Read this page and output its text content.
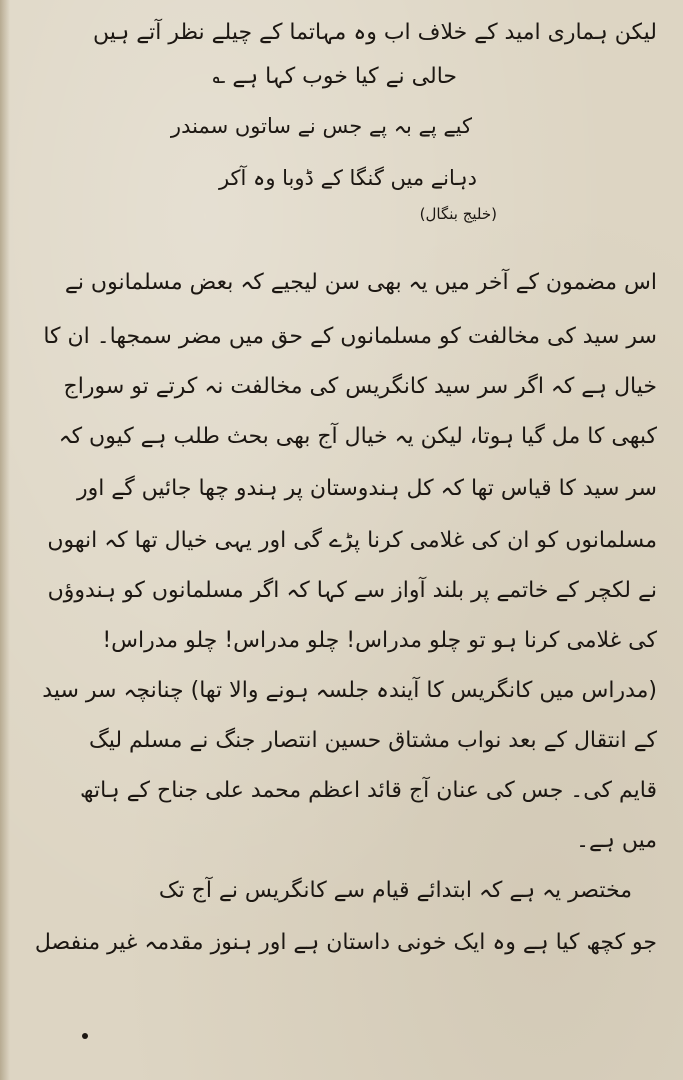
لیکن ہماری امید کے خلاف اب وہ مہاتما کے چیلے نظر آتے ہیں
حالی نے کیا خوب کہا ہے ؎
کیے پے بہ پے جس نے ساتوں سمندر
دہانے میں گنگا کے ڈوبا وہ آکر
(خلیج بنگال)
اس مضمون کے آخر میں یہ بھی سن لیجیے کہ بعض مسلمانوں نے
سر سید کی مخالفت کو مسلمانوں کے حق میں مضر سمجھا۔ ان کا
خیال ہے کہ اگر سر سید کانگریس کی مخالفت نہ کرتے تو سوراج
کبھی کا مل گیا ہوتا، لیکن یہ خیال آج بھی بحث طلب ہے کیوں کہ
سر سید کا قیاس تھا کہ کل ہندوستان پر ہندو چھا جائیں گے اور
مسلمانوں کو ان کی غلامی کرنا پڑے گی اور یہی خیال تھا کہ انھوں
نے لکچر کے خاتمے پر بلند آواز سے کہا کہ اگر مسلمانوں کو ہندوؤں
کی غلامی کرنا ہو تو چلو مدراس! چلو مدراس! چلو مدراس!
(مدراس میں کانگریس کا آیندہ جلسہ ہونے والا تھا) چنانچہ سر سید
کے انتقال کے بعد نواب مشتاق حسین انتصار جنگ نے مسلم لیگ
قایم کی۔ جس کی عنان آج قائد اعظم محمد علی جناح کے ہاتھ
میں ہے۔
مختصر یہ ہے کہ ابتدائے قیام سے کانگریس نے آج تک
جو کچھ کیا ہے وہ ایک خونی داستان ہے اور ہنوز مقدمہ غیر منفصل
